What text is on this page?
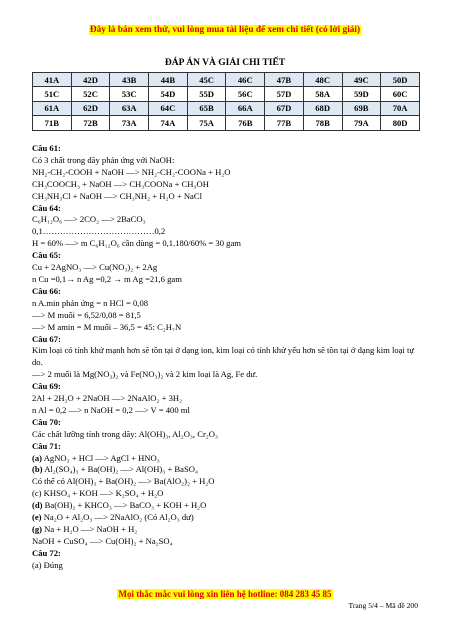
Đây là bản xem thử, vui lòng mua tài liệu để xem chi tiết (có lời giải)
ĐÁP ÁN VÀ GIẢI CHI TIẾT
41A	42D	43B	44B	45C	46C	47B	48C	49C	50D
51C	52C	53C	54D	55D	56C	57D	58A	59D	60C
61A	62D	63A	64C	65B	66A	67D	68D	69B	70A
71B	72B	73A	74A	75A	76B	77B	78B	79A	80D
Câu 61:
Có 3 chất trong dãy phản ứng với NaOH:
NH₂-CH₂-COOH + NaOH —> NH₂-CH₂-COONa + H₂O
CH₃COOCH₃ + NaOH —> CH₃COONa + CH₃OH
CH₃NH₃Cl + NaOH —> CH₃NH₂ + H₂O + NaCl
Câu 64:
C₆H₁₂O₆ —> 2CO₂ —> 2BaCO₃
0,1…………………………………0,2
H = 60% —> m C₆H₁₂O₆ cần dùng = 0,1.180/60% = 30 gam
Câu 65:
Cu + 2AgNO₃ —> Cu(NO₃)₂ + 2Ag
n Cu =0,1→ n Ag =0,2 → m Ag =21,6 gam
Câu 66:
n A.min phản ứng = n HCl = 0,08
—> M muối = 6,52/0,08 = 81,5
—> M amin = M muối – 36,5 = 45: C₂H₇N
Câu 67:
Kim loại có tính khử mạnh hơn sẽ tồn tại ở dạng ion, kim loại có tính khử yếu hơn sẽ tồn tại ở dạng kim loại tự do.
—> 2 muối là Mg(NO₃)₂ và Fe(NO₃)₂ và 2 kim loại là Ag, Fe dư.
Câu 69:
2Al + 2H₂O + 2NaOH —> 2NaAlO₂ + 3H₂
n Al = 0,2 —> n NaOH = 0,2 —> V = 400 ml
Câu 70:
Các chất lưỡng tính trong dãy: Al(OH)₃, Al₂O₃, Cr₂O₃
Câu 71:
(a) AgNO₃ + HCl —> AgCl + HNO₃
(b) Al₂(SO₄)₃ + Ba(OH)₂ —> Al(OH)₃ + BaSO₄
Có thể có Al(OH)₃ + Ba(OH)₂ —> Ba(AlO₂)₂ + H₂O
(c) KHSO₄ + KOH —> K₂SO₄ + H₂O
(d) Ba(OH)₂ + KHCO₃ —> BaCO₃ + KOH + H₂O
(e) Na₂O + Al₂O₃ —> 2NaAlO₂ (Có Al₂O₃ dư)
(g) Na + H₂O —> NaOH + H₂
NaOH + CuSO₄ —> Cu(OH)₂ + Na₂SO₄
Câu 72:
(a) Đúng
Mọi thắc mắc vui lòng xin liên hệ hotline: 084 283 45 85
Trang 5/4 – Mã đề 200
